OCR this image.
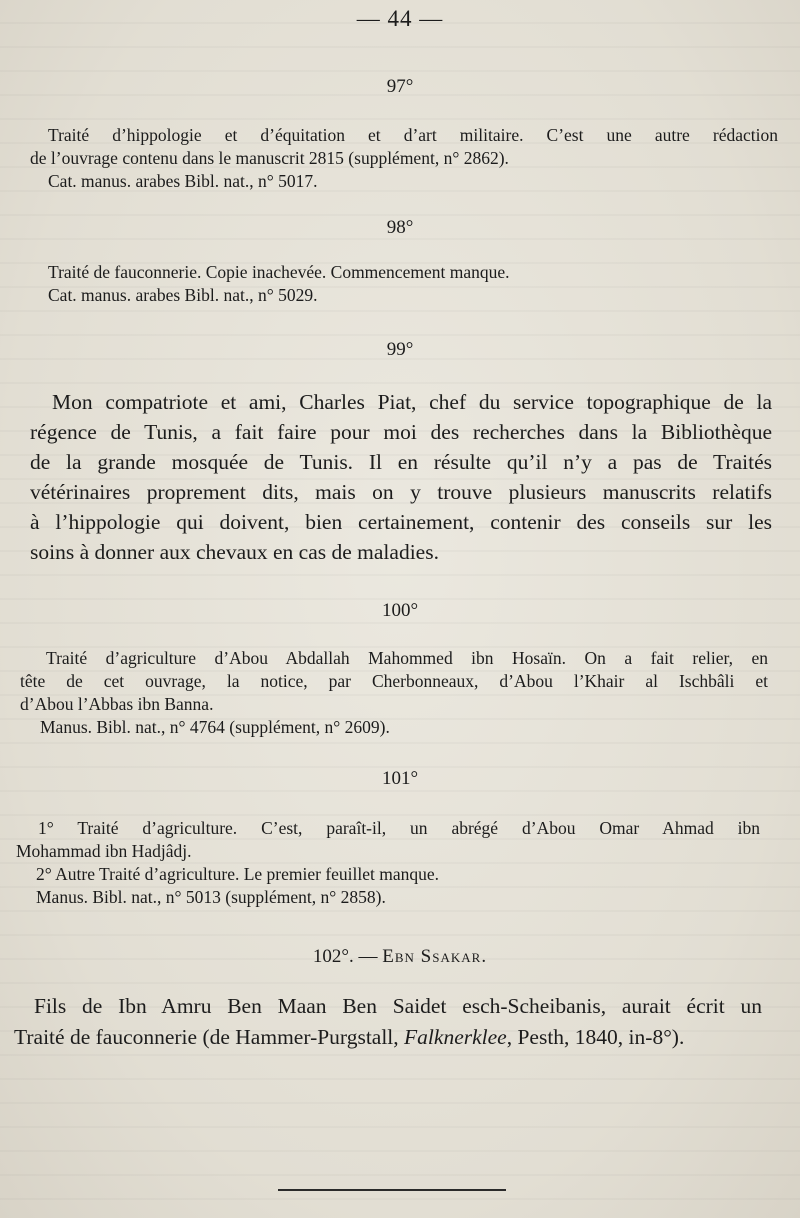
— 44 —
97°
Traité d’hippologie et d’équitation et d’art militaire. C’est une autre rédaction
de l’ouvrage contenu dans le manuscrit 2815 (supplément, n° 2862).
Cat. manus. arabes Bibl. nat., n° 5017.
98°
Traité de fauconnerie. Copie inachevée. Commencement manque.
Cat. manus. arabes Bibl. nat., n° 5029.
99°
Mon compatriote et ami, Charles Piat, chef du service topographique de la
régence de Tunis, a fait faire pour moi des recherches dans la Bibliothèque
de la grande mosquée de Tunis. Il en résulte qu’il n’y a pas de Traités
vétérinaires proprement dits, mais on y trouve plusieurs manuscrits relatifs
à l’hippologie qui doivent, bien certainement, contenir des conseils sur les
soins à donner aux chevaux en cas de maladies.
100°
Traité d’agriculture d’Abou Abdallah Mahommed ibn Hosaïn. On a fait relier, en
tête de cet ouvrage, la notice, par Cherbonneaux, d’Abou l’Khair al Ischbâli et
d’Abou l’Abbas ibn Banna.
Manus. Bibl. nat., n° 4764 (supplément, n° 2609).
101°
1° Traité d’agriculture. C’est, paraît-il, un abrégé d’Abou Omar Ahmad ibn
Mohammad ibn Hadjâdj.
2° Autre Traité d’agriculture. Le premier feuillet manque.
Manus. Bibl. nat., n° 5013 (supplément, n° 2858).
102°. — Ebn Ssakar.
Fils de Ibn Amru Ben Maan Ben Saidet esch-Scheibanis, aurait écrit un
Traité de fauconnerie (de Hammer-Purgstall, Falknerklee, Pesth, 1840, in-8°).
